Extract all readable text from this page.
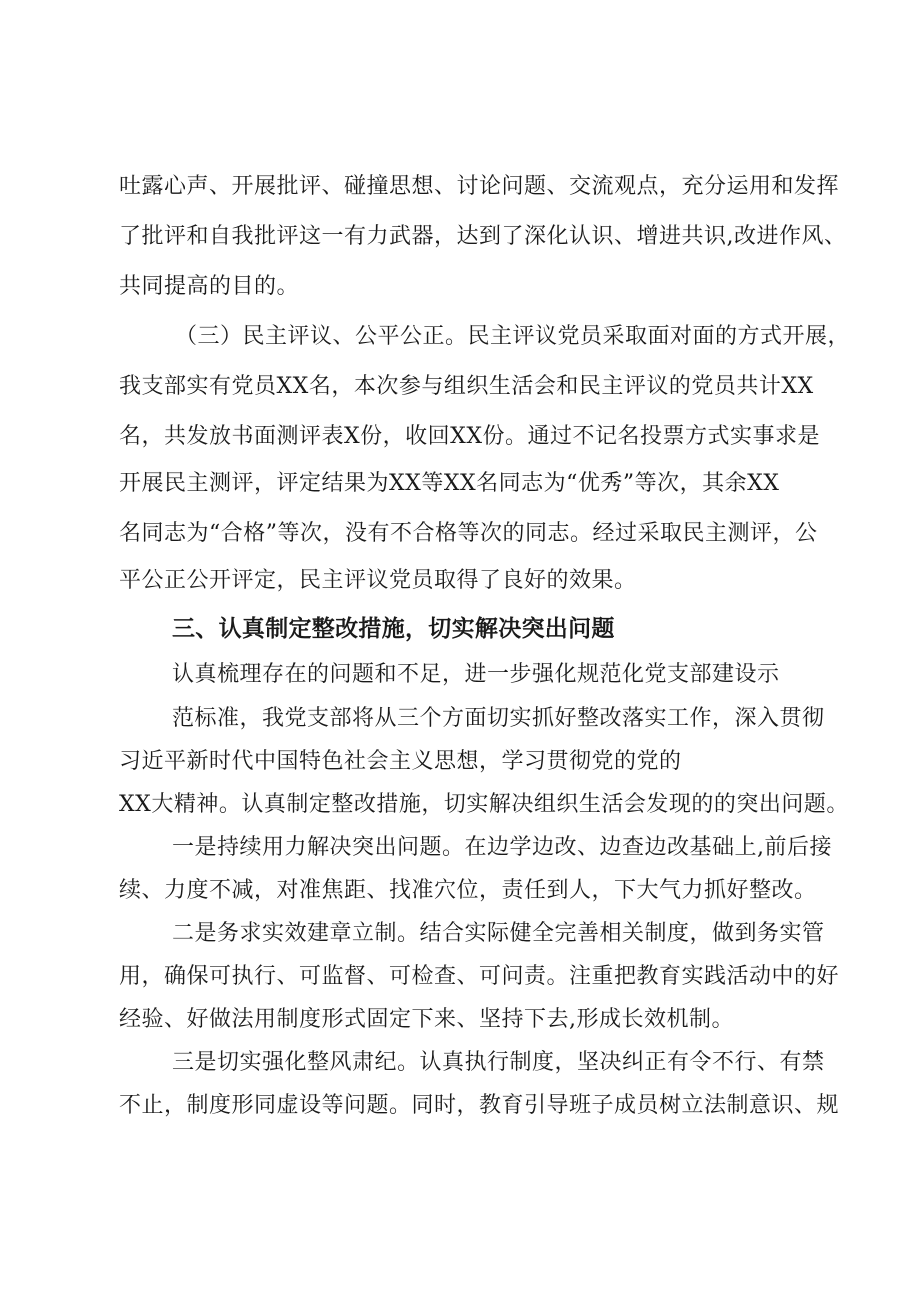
吐露心声、开展批评、碰撞思想、讨论问题、交流观点，充分运用和发挥
了批评和自我批评这一有力武器，达到了深化认识、增进共识,改进作风、
共同提高的目的。
（三）民主评议、公平公正。民主评议党员采取面对面的方式开展，
我支部实有党员XX名，本次参与组织生活会和民主评议的党员共计XX
名，共发放书面测评表X份，收回XX份。通过不记名投票方式实事求是
开展民主测评，评定结果为XX等XX名同志为“优秀”等次，其余XX
名同志为“合格”等次，没有不合格等次的同志。经过采取民主测评，公
平公正公开评定，民主评议党员取得了良好的效果。
三、认真制定整改措施，切实解决突出问题
认真梳理存在的问题和不足，进一步强化规范化党支部建设示
范标准，我党支部将从三个方面切实抓好整改落实工作，深入贯彻
习近平新时代中国特色社会主义思想，学习贯彻党的党的
XX大精神。认真制定整改措施，切实解决组织生活会发现的的突出问题。
一是持续用力解决突出问题。在边学边改、边查边改基础上,前后接
续、力度不减，对准焦距、找准穴位，责任到人，下大气力抓好整改。
二是务求实效建章立制。结合实际健全完善相关制度，做到务实管
用，确保可执行、可监督、可检查、可问责。注重把教育实践活动中的好
经验、好做法用制度形式固定下来、坚持下去,形成长效机制。
三是切实强化整风肃纪。认真执行制度，坚决纠正有令不行、有禁
不止，制度形同虚设等问题。同时，教育引导班子成员树立法制意识、规
